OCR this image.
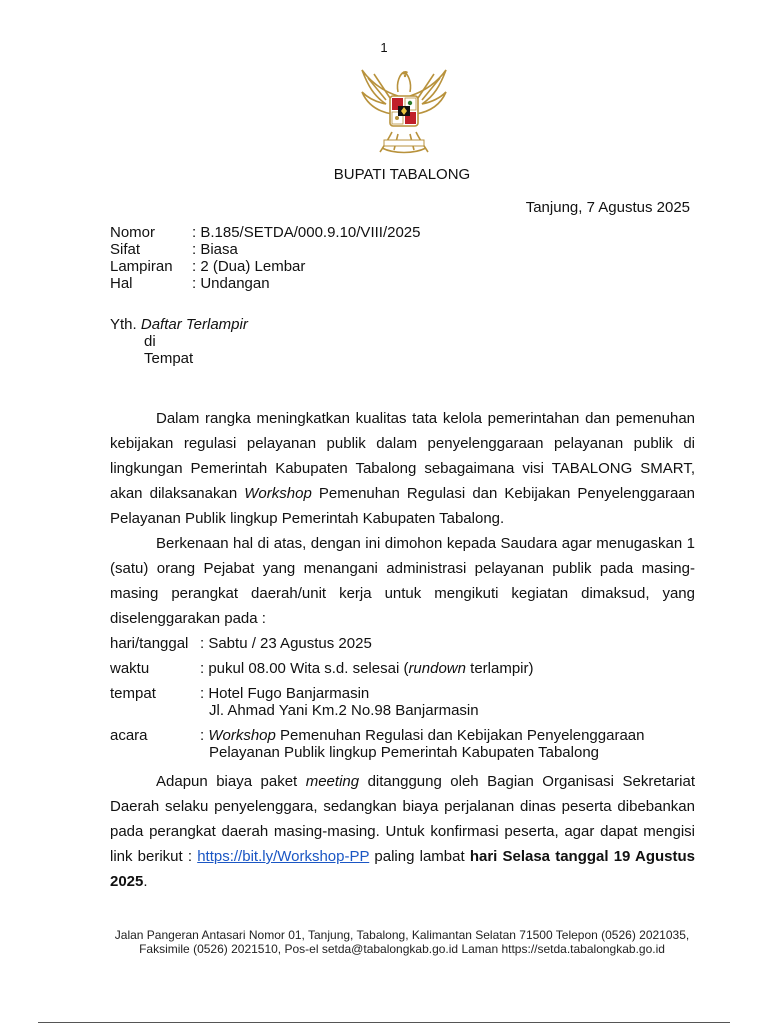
1
BUPATI TABALONG
Tanjung, 7 Agustus 2025
Nomor	: B.185/SETDA/000.9.10/VIII/2025
Sifat	: Biasa
Lampiran	: 2 (Dua) Lembar
Hal	: Undangan
Yth. Daftar Terlampir
di
Tempat

Dalam rangka meningkatkan kualitas tata kelola pemerintahan dan pemenuhan kebijakan regulasi pelayanan publik dalam penyelenggaraan pelayanan publik di lingkungan Pemerintah Kabupaten Tabalong sebagaimana visi TABALONG SMART, akan dilaksanakan Workshop Pemenuhan Regulasi dan Kebijakan Penyelenggaraan Pelayanan Publik lingkup Pemerintah Kabupaten Tabalong.

Berkenaan hal di atas, dengan ini dimohon kepada Saudara agar menugaskan 1 (satu) orang Pejabat yang menangani administrasi pelayanan publik pada masing-masing perangkat daerah/unit kerja untuk mengikuti kegiatan dimaksud, yang diselenggarakan pada :

hari/tanggal : Sabtu / 23 Agustus 2025
waktu	: pukul 08.00 Wita s.d. selesai (rundown terlampir)
tempat	: Hotel Fugo Banjarmasin
Jl. Ahmad Yani Km.2 No.98 Banjarmasin
acara	: Workshop Pemenuhan Regulasi dan Kebijakan Penyelenggaraan
Pelayanan Publik lingkup Pemerintah Kabupaten Tabalong

Adapun biaya paket meeting ditanggung oleh Bagian Organisasi Sekretariat Daerah selaku penyelenggara, sedangkan biaya perjalanan dinas peserta dibebankan pada perangkat daerah masing-masing. Untuk konfirmasi peserta, agar dapat mengisi link berikut : https://bit.ly/Workshop-PP paling lambat hari Selasa tanggal 19 Agustus 2025.

Jalan Pangeran Antasari Nomor 01, Tanjung, Tabalong, Kalimantan Selatan 71500 Telepon (0526) 2021035,
Faksimile (0526) 2021510, Pos-el setda@tabalongkab.go.id Laman https://setda.tabalongkab.go.id
